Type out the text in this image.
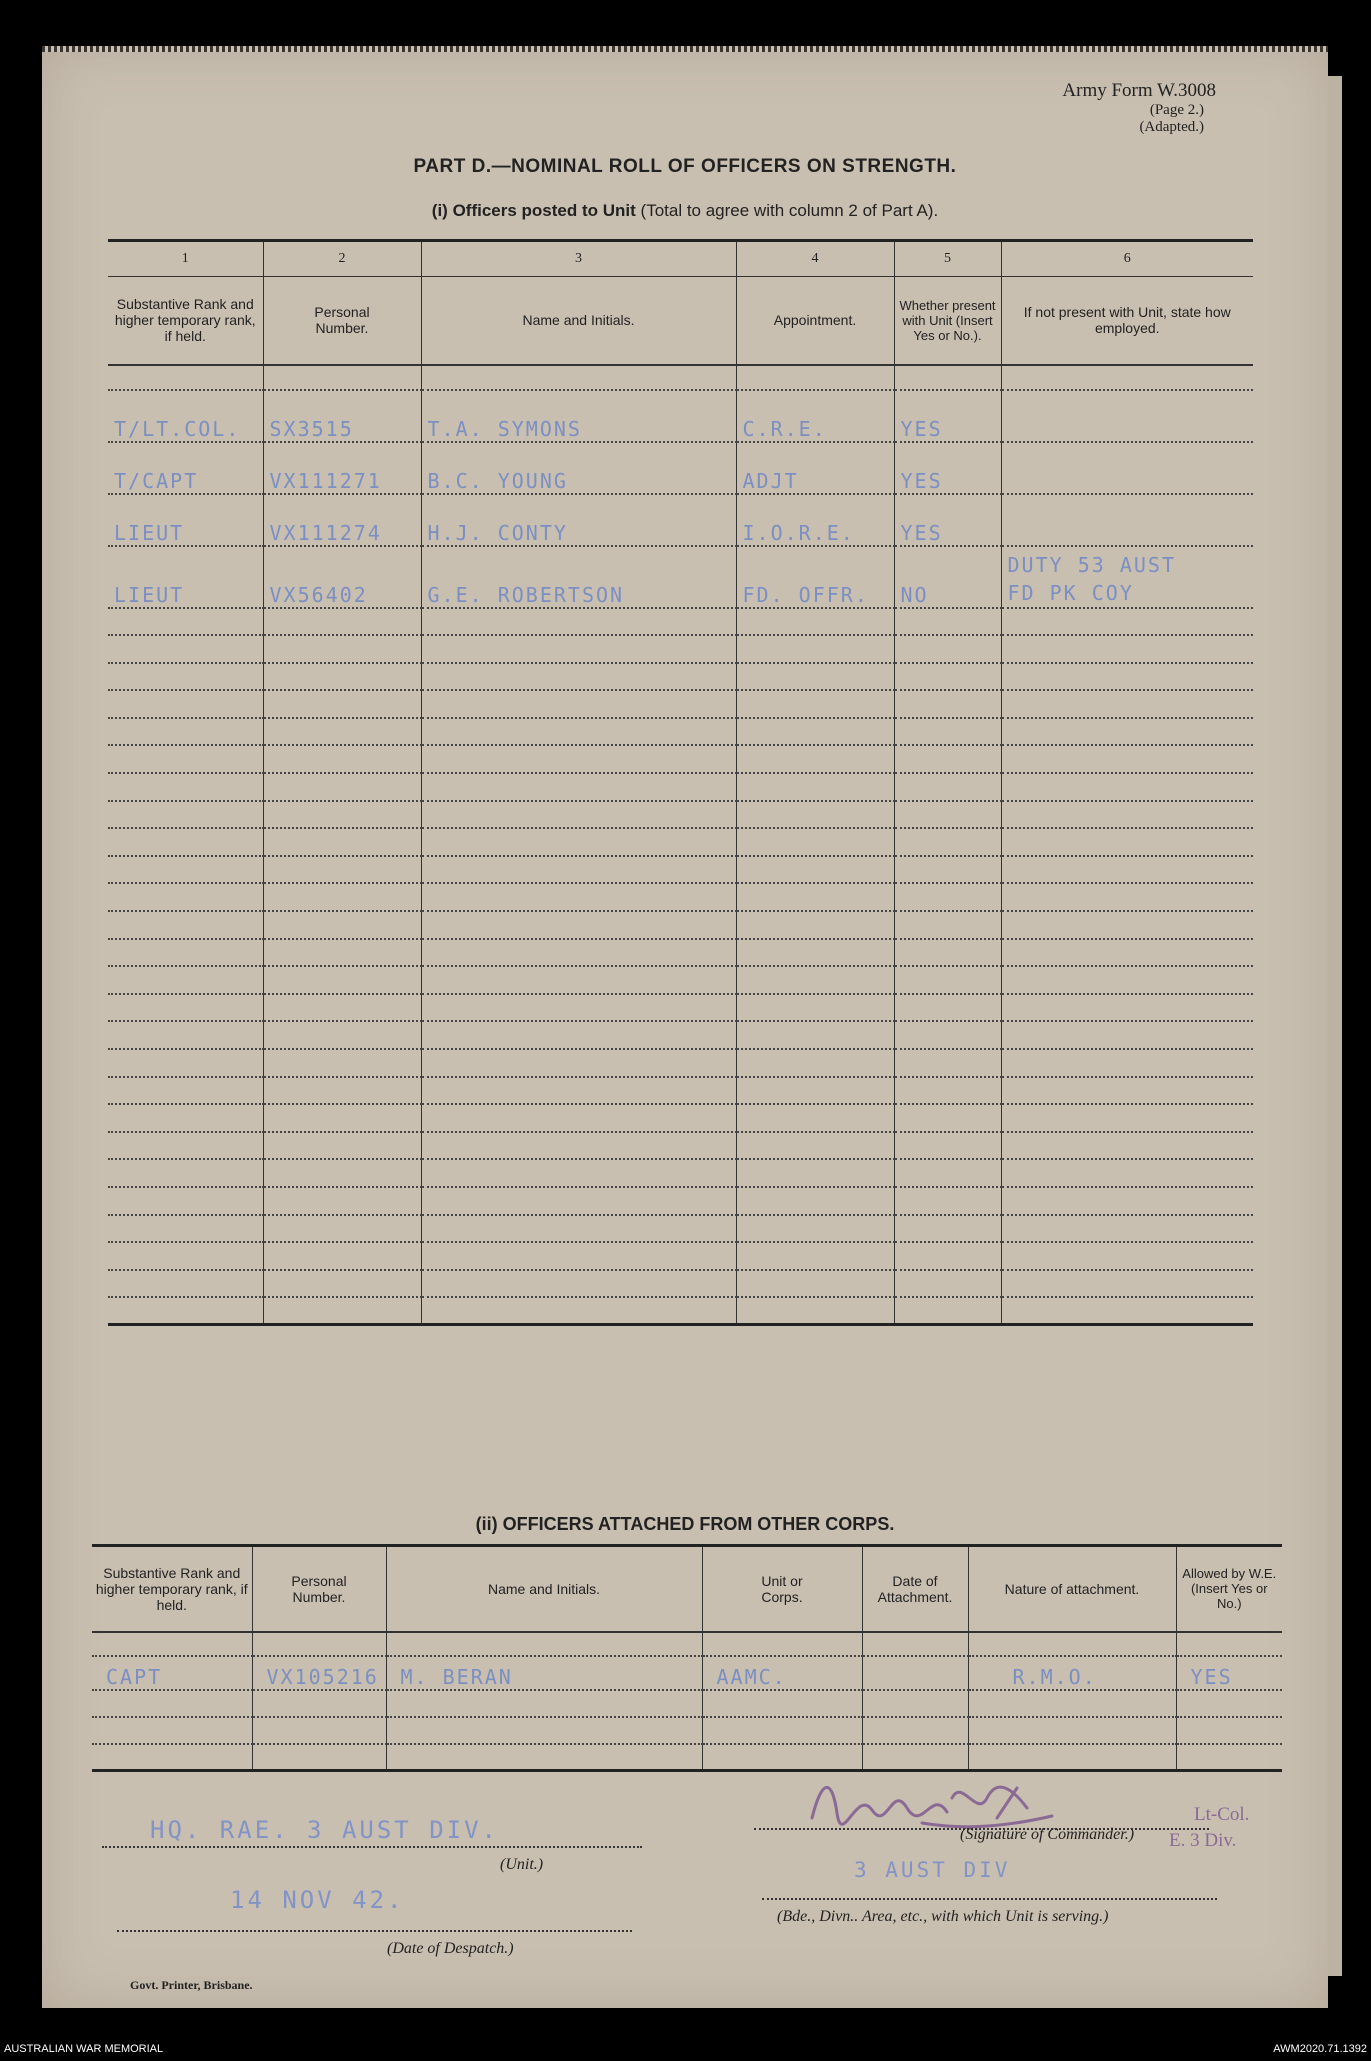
Army Form W.3008
(Page 2.)
(Adapted.)
PART D.—NOMINAL ROLL OF OFFICERS ON STRENGTH.
(i) Officers posted to Unit (Total to agree with column 2 of Part A).
1	2	3	4	5	6
Substantive Rank and higher temporary rank, if held.	Personal Number.	Name and Initials.	Appointment.	Whether present with Unit (Insert Yes or No.).	If not present with Unit, state how employed.

T/LT.COL.	SX3515	T.A. SYMONS	C.R.E.	YES	
T/CAPT	VX111271	B.C. YOUNG	ADJT	YES	
LIEUT	VX111274	H.J. CONTY	I.O.R.E.	YES	
LIEUT	VX56402	G.E. ROBERTSON	FD. OFFR.	NO	DUTY 53 AUST FD PK COY

(ii) OFFICERS ATTACHED FROM OTHER CORPS.
Substantive Rank and higher temporary rank, if held.	Personal Number.	Name and Initials.	Unit or Corps.	Date of Attachment.	Nature of attachment.	Allowed by W.E. (Insert Yes or No.)

CAPT	VX105216	M. BERAN	AAMC.		R.M.O.	YES

HQ. RAE. 3 AUST DIV.
(Unit.)
14 NOV 42.
(Date of Despatch.)
Lt-Col.
(Signature of Commander.) E. 3 Div.
3 AUST DIV
(Bde., Divn.. Area, etc., with which Unit is serving.)
Govt. Printer, Brisbane.
AUSTRALIAN WAR MEMORIAL	AWM2020.71.1392
